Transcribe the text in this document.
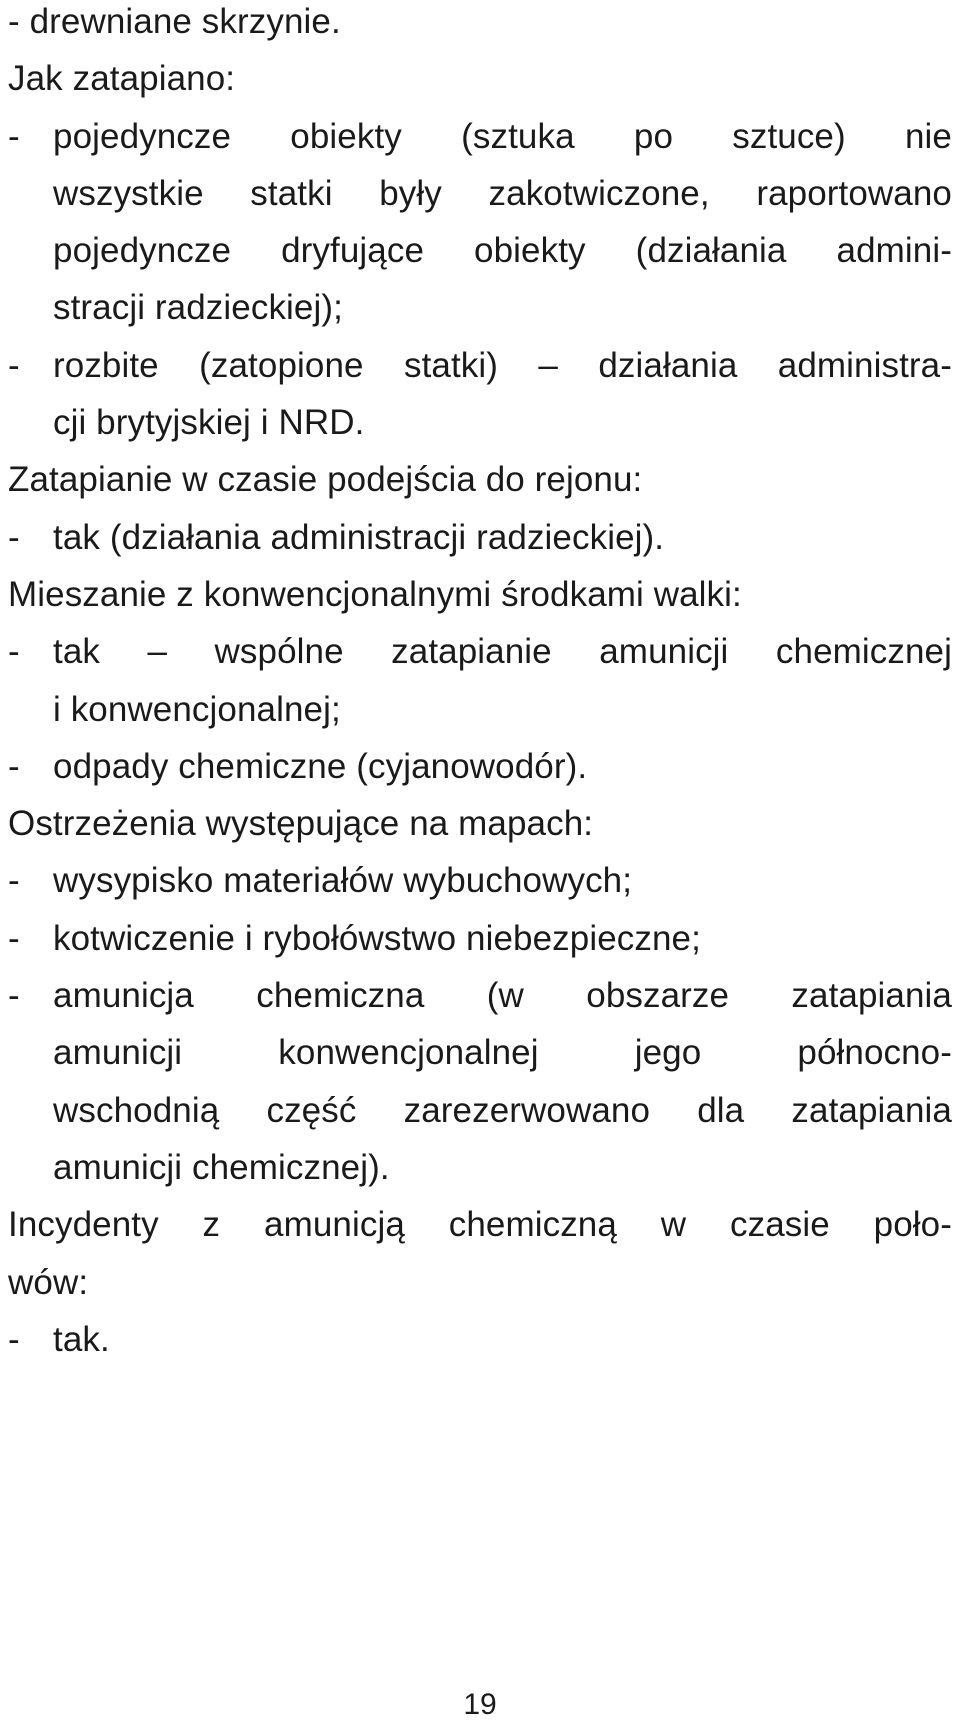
- drewniane skrzynie.
Jak zatapiano:
- pojedyncze obiekty (sztuka po sztuce) nie
wszystkie statki były zakotwiczone, raportowano
pojedyncze dryfujące obiekty (działania admini-
stracji radzieckiej);
- rozbite (zatopione statki) – działania administra-
cji brytyjskiej i NRD.
Zatapianie w czasie podejścia do rejonu:
- tak (działania administracji radzieckiej).
Mieszanie z konwencjonalnymi środkami walki:
- tak – wspólne zatapianie amunicji chemicznej
i konwencjonalnej;
- odpady chemiczne (cyjanowodór).
Ostrzeżenia występujące na mapach:
- wysypisko materiałów wybuchowych;
- kotwiczenie i rybołówstwo niebezpieczne;
- amunicja chemiczna (w obszarze zatapiania
amunicji konwencjonalnej jego północno-
wschodnią część zarezerwowano dla zatapiania
amunicji chemicznej).
Incydenty z amunicją chemiczną w czasie poło-
wów:
- tak.
19
